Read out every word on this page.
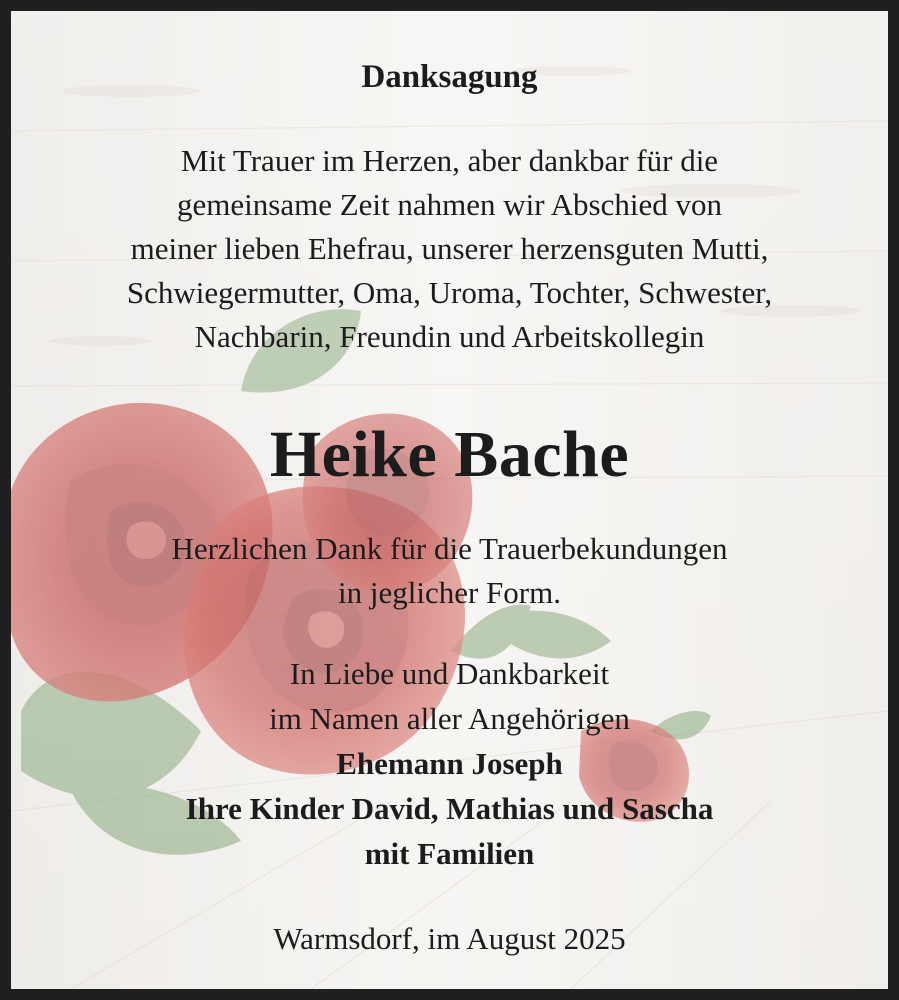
Danksagung
Mit Trauer im Herzen, aber dankbar für die
gemeinsame Zeit nahmen wir Abschied von
meiner lieben Ehefrau, unserer herzensguten Mutti,
Schwiegermutter, Oma, Uroma, Tochter, Schwester,
Nachbarin, Freundin und Arbeitskollegin
Heike Bache
Herzlichen Dank für die Trauerbekundungen
in jeglicher Form.
In Liebe und Dankbarkeit
im Namen aller Angehörigen
Ehemann Joseph
Ihre Kinder David, Mathias und Sascha
mit Familien
Warmsdorf, im August 2025
